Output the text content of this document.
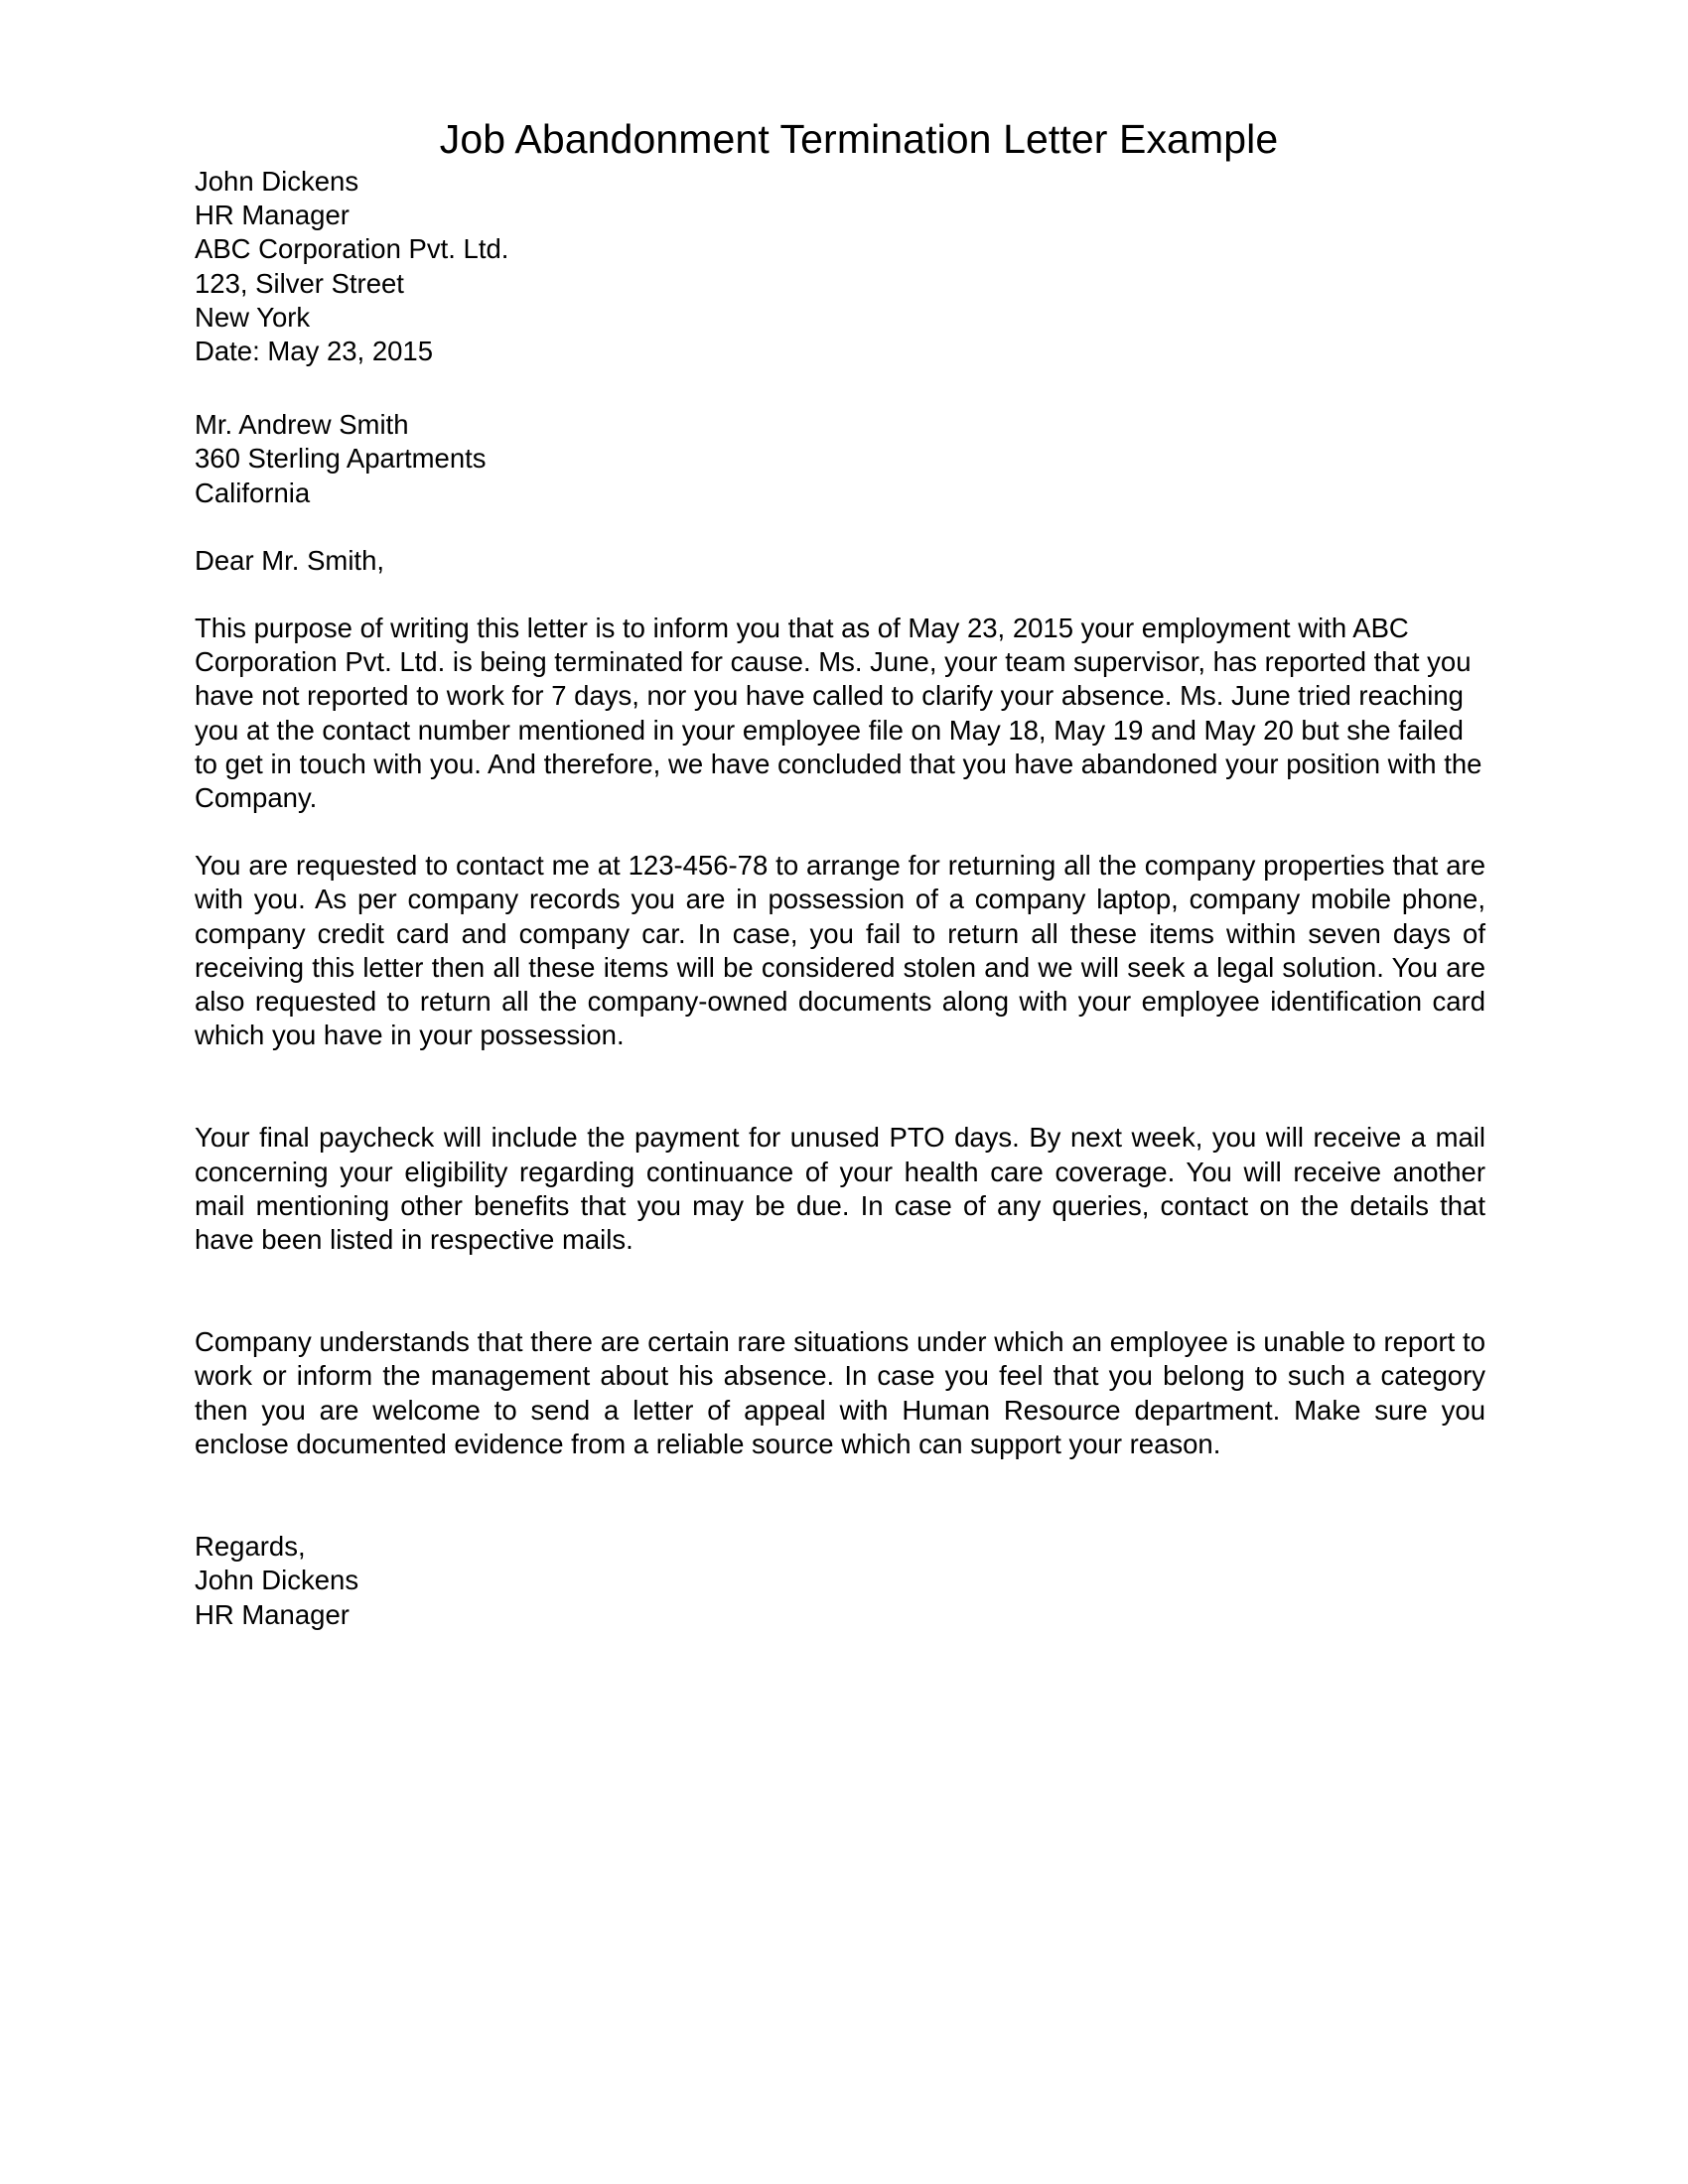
Job Abandonment Termination Letter Example
John Dickens
HR Manager
ABC Corporation Pvt. Ltd.
123, Silver Street
New York
Date: May 23, 2015
Mr. Andrew Smith
360 Sterling Apartments
California
Dear Mr. Smith,

This purpose of writing this letter is to inform you that as of May 23, 2015 your employment with ABC Corporation Pvt. Ltd. is being terminated for cause. Ms. June, your team supervisor, has reported that you have not reported to work for 7 days, nor you have called to clarify your absence. Ms. June tried reaching you at the contact number mentioned in your employee file on May 18, May 19 and May 20 but she failed to get in touch with you. And therefore, we have concluded that you have abandoned your position with the Company.

You are requested to contact me at 123-456-78 to arrange for returning all the company properties that are with you. As per company records you are in possession of a company laptop, company mobile phone, company credit card and company car. In case, you fail to return all these items within seven days of receiving this letter then all these items will be considered stolen and we will seek a legal solution. You are also requested to return all the company-owned documents along with your employee identification card which you have in your possession.

Your final paycheck will include the payment for unused PTO days. By next week, you will receive a mail concerning your eligibility regarding continuance of your health care coverage. You will receive another mail mentioning other benefits that you may be due. In case of any queries, contact on the details that have been listed in respective mails.

Company understands that there are certain rare situations under which an employee is unable to report to work or inform the management about his absence. In case you feel that you belong to such a category then you are welcome to send a letter of appeal with Human Resource department. Make sure you enclose documented evidence from a reliable source which can support your reason.

Regards,
John Dickens
HR Manager
